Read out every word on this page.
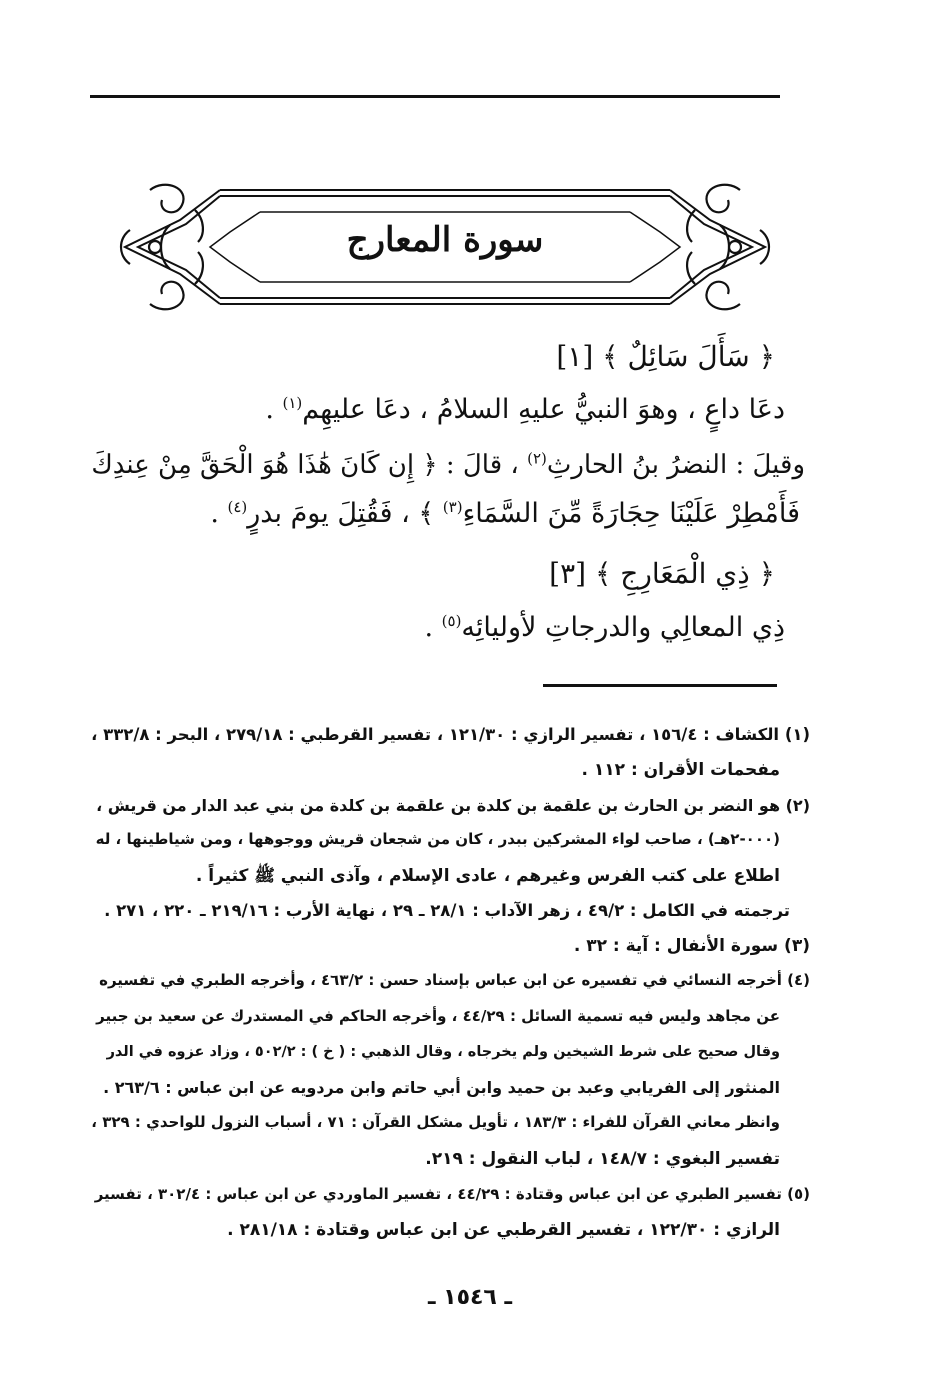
سورة المعارج
﴿ سَأَلَ سَائِلٌ ﴾ [١]
دعَا داعٍ ، وهوَ النبيُّ عليهِ السلامُ ، دعَا عليهِم$^{(١)}$ .
وقيلَ : النضرُ بنُ الحارثِ$^{(٢)}$ ، قالَ : ﴿ إِن كَانَ هَٰذَا هُوَ الْحَقَّ مِنْ عِندِكَ
فَأَمْطِرْ عَلَيْنَا حِجَارَةً مِّنَ السَّمَاءِ$^{(٣)}$ ﴾ ، فَقُتِلَ يومَ بدرٍ$^{(٤)}$ .
﴿ ذِي الْمَعَارِجِ ﴾ [٣]
ذِي المعالِي والدرجاتِ لأوليائِه$^{(٥)}$ .
(١) الكشاف : ١٥٦/٤ ، تفسير الرازي : ١٢١/٣٠ ، تفسير القرطبي : ٢٧٩/١٨ ، البحر : ٣٣٢/٨ ،
مفحمات الأقران : ١١٢ .
(٢) هو النضر بن الحارث بن علقمة بن كلدة بن علقمة بن كلدة من بني عبد الدار من قريش ،
(٠٠٠-٢هـ) ، صاحب لواء المشركين ببدر ، كان من شجعان قريش ووجوهها ، ومن شياطينها ، له
اطلاع على كتب الفرس وغيرهم ، عادى الإسلام ، وآذى النبي ﷺ كثيراً .
ترجمته في الكامل : ٤٩/٢ ، زهر الآداب : ٢٨/١ ـ ٢٩ ، نهاية الأرب : ٢١٩/١٦ ـ ٢٢٠ ، ٢٧١ .
(٣) سورة الأنفال : آية : ٣٢ .
(٤) أخرجه النسائي في تفسيره عن ابن عباس بإسناد حسن : ٤٦٣/٢ ، وأخرجه الطبري في تفسيره
عن مجاهد وليس فيه تسمية السائل : ٤٤/٢٩ ، وأخرجه الحاكم في المستدرك عن سعيد بن جبير
وقال صحيح على شرط الشيخين ولم يخرجاه ، وقال الذهبي : ( خ ) : ٥٠٢/٢ ، وزاد عزوه في الدر
المنثور إلى الفريابي وعبد بن حميد وابن أبي حاتم وابن مردويه عن ابن عباس : ٢٦٣/٦ .
وانظر معاني القرآن للفراء : ١٨٣/٣ ، تأويل مشكل القرآن : ٧١ ، أسباب النزول للواحدي : ٣٢٩ ،
تفسير البغوي : ١٤٨/٧ ، لباب النقول : ٢١٩.
(٥) تفسير الطبري عن ابن عباس وقتادة : ٤٤/٢٩ ، تفسير الماوردي عن ابن عباس : ٣٠٢/٤ ، تفسير
الرازي : ١٢٢/٣٠ ، تفسير القرطبي عن ابن عباس وقتادة : ٢٨١/١٨ .
ـ ١٥٤٦ ـ
